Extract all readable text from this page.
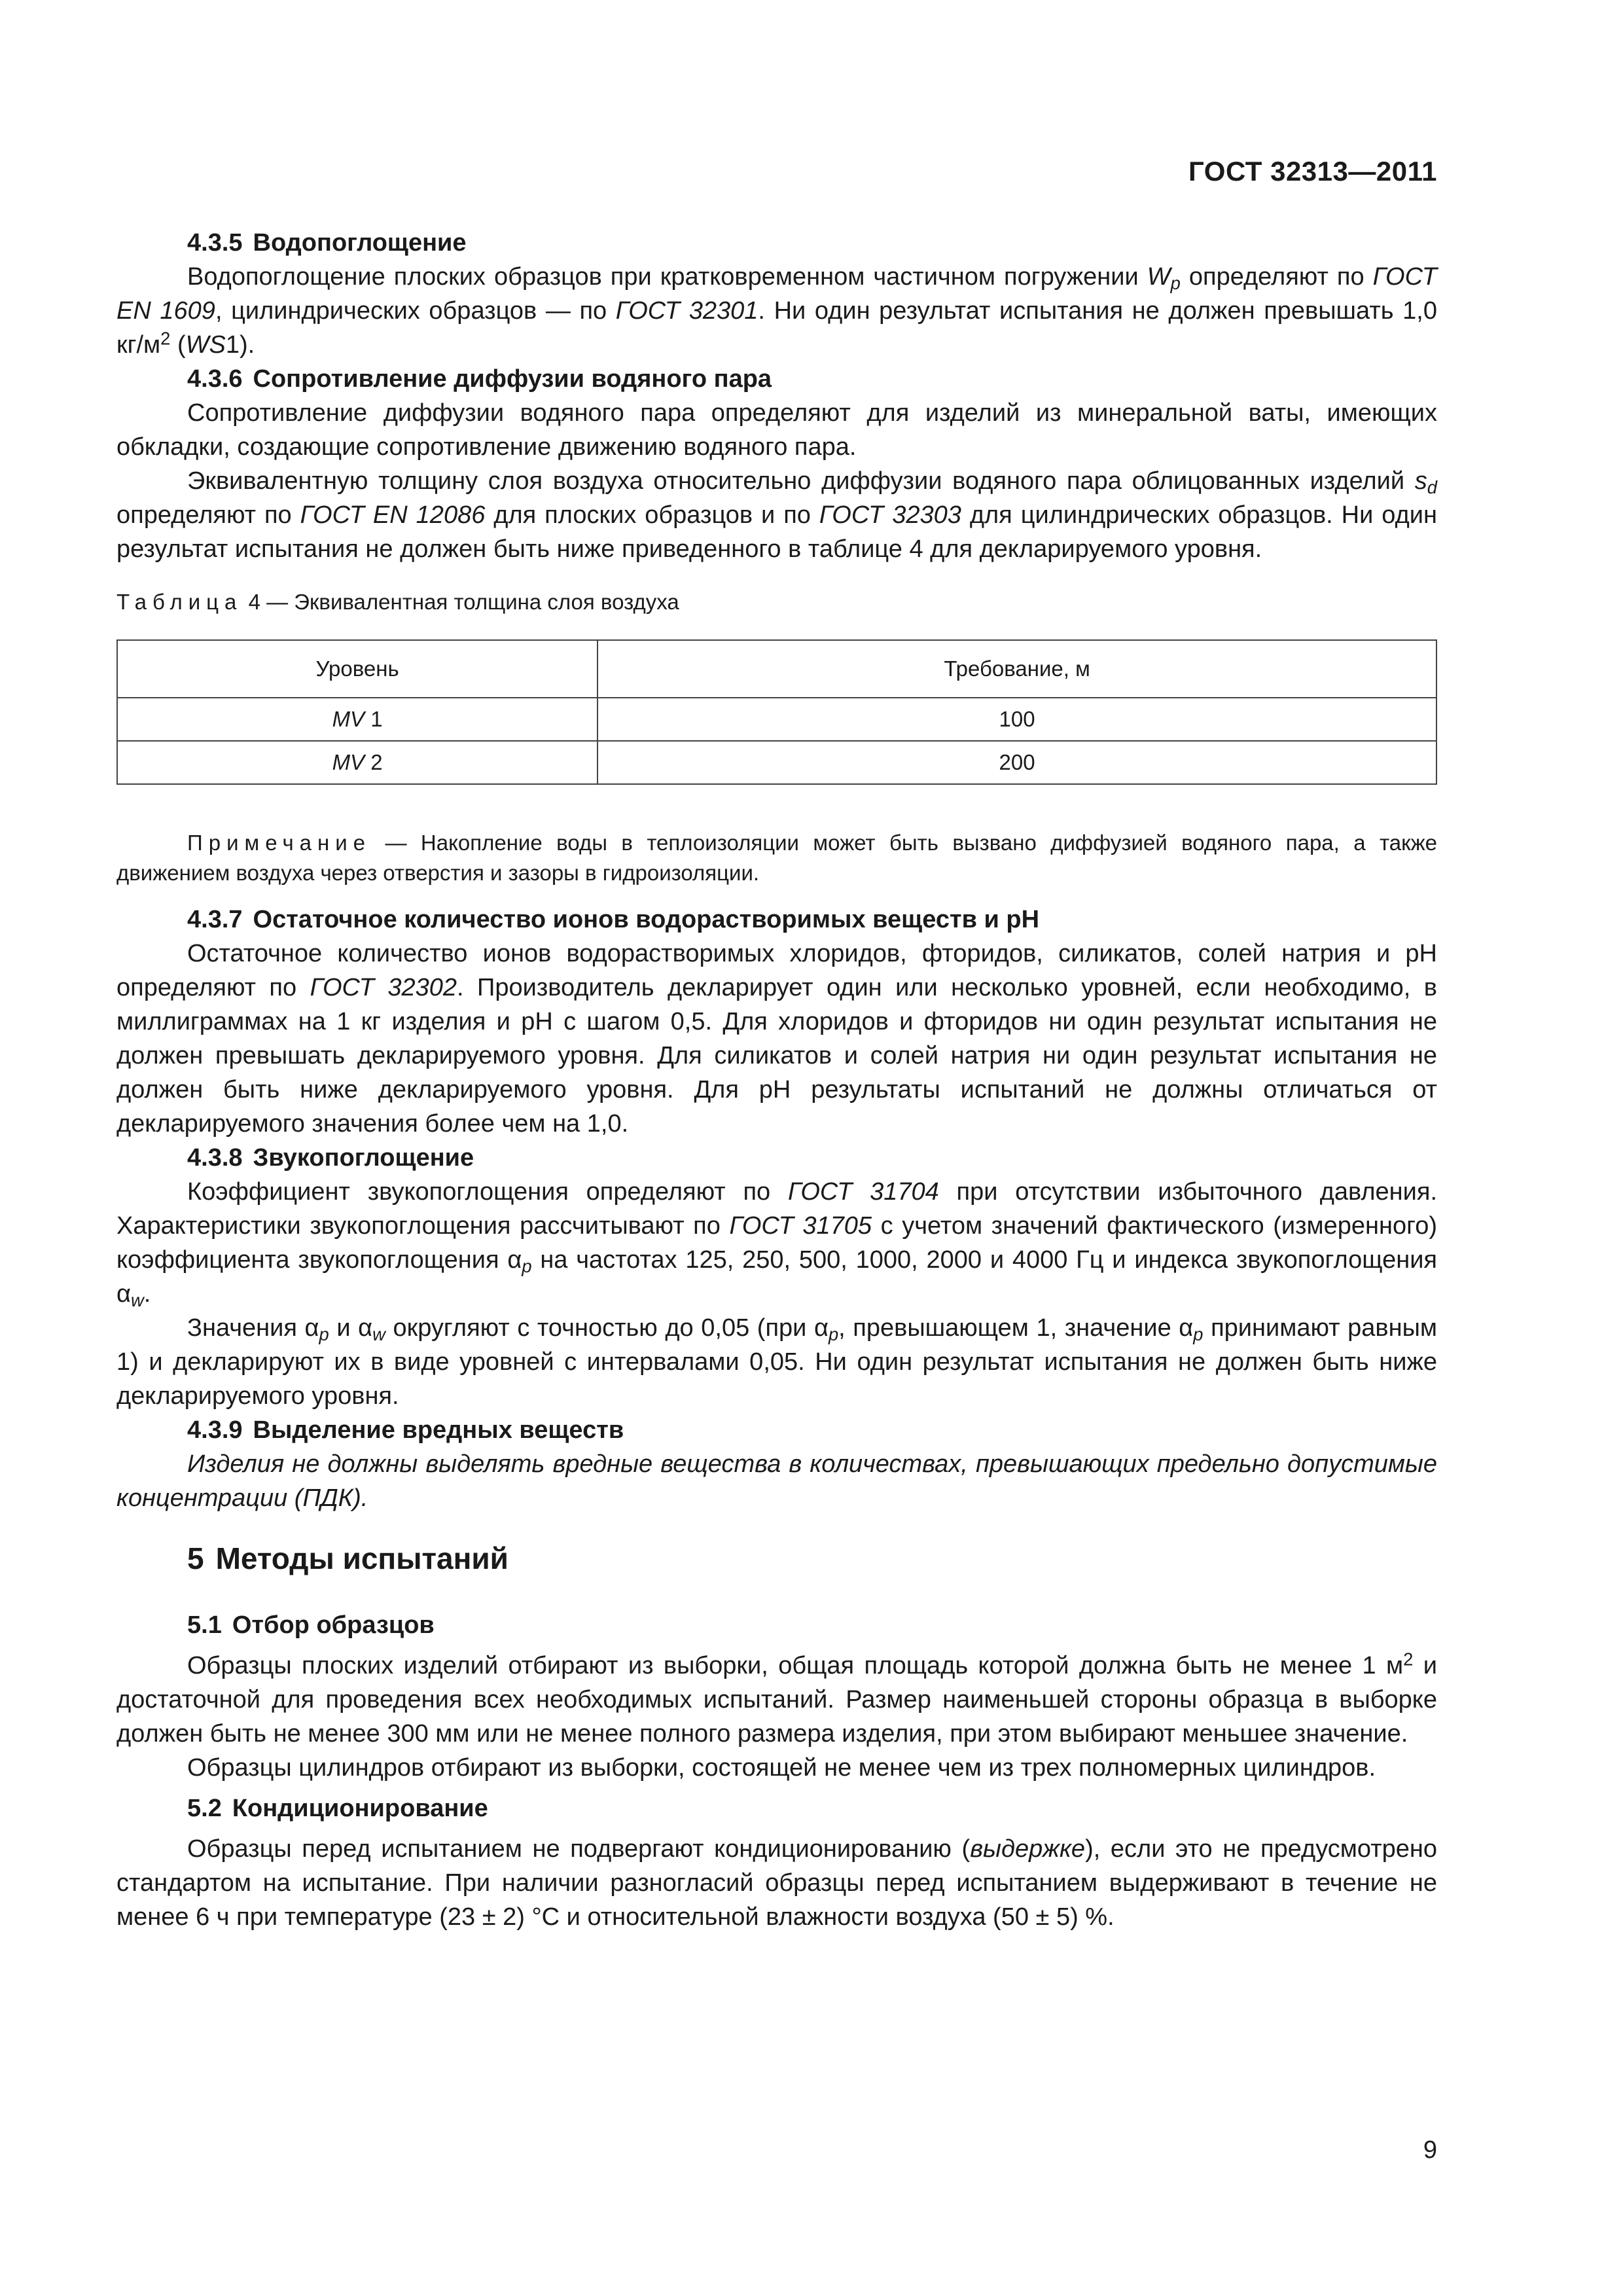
ГОСТ 32313—2011

4.3.5 Водопоглощение

Водопоглощение плоских образцов при кратковременном частичном погружении $W_p$ определяют по ГОСТ EN 1609, цилиндрических образцов — по ГОСТ 32301. Ни один результат испытания не должен превышать 1,0 $кг/м^2$ (WS1).

4.3.6 Сопротивление диффузии водяного пара

Сопротивление диффузии водяного пара определяют для изделий из минеральной ваты, имеющих обкладки, создающие сопротивление движению водяного пара.

Эквивалентную толщину слоя воздуха относительно диффузии водяного пара облицованных изделий $s_d$ определяют по ГОСТ EN 12086 для плоских образцов и по ГОСТ 32303 для цилиндрических образцов. Ни один результат испытания не должен быть ниже приведенного в таблице 4 для декларируемого уровня.

Таблица 4 — Эквивалентная толщина слоя воздуха
Уровень	Требование, м
MV 1	100
MV 2	200

Примечание — Накопление воды в теплоизоляции может быть вызвано диффузией водяного пара, а также движением воздуха через отверстия и зазоры в гидроизоляции.

4.3.7 Остаточное количество ионов водорастворимых веществ и pH

Остаточное количество ионов водорастворимых хлоридов, фторидов, силикатов, солей натрия и pH определяют по ГОСТ 32302. Производитель декларирует один или несколько уровней, если необходимо, в миллиграммах на 1 кг изделия и pH с шагом 0,5. Для хлоридов и фторидов ни один результат испытания не должен превышать декларируемого уровня. Для силикатов и солей натрия ни один результат испытания не должен быть ниже декларируемого уровня. Для pH результаты испытаний не должны отличаться от декларируемого значения более чем на 1,0.

4.3.8 Звукопоглощение

Коэффициент звукопоглощения определяют по ГОСТ 31704 при отсутствии избыточного давления. Характеристики звукопоглощения рассчитывают по ГОСТ 31705 с учетом значений фактического (измеренного) коэффициента звукопоглощения $\alpha_p$ на частотах 125, 250, 500, 1000, 2000 и 4000 Гц и индекса звукопоглощения $\alpha_w$.

Значения $\alpha_p$ и $\alpha_w$ округляют с точностью до 0,05 (при $\alpha_p$, превышающем 1, значение $\alpha_p$ принимают равным 1) и декларируют их в виде уровней с интервалами 0,05. Ни один результат испытания не должен быть ниже декларируемого уровня.

4.3.9 Выделение вредных веществ

Изделия не должны выделять вредные вещества в количествах, превышающих предельно допустимые концентрации (ПДК).

5 Методы испытаний

5.1 Отбор образцов

Образцы плоских изделий отбирают из выборки, общая площадь которой должна быть не менее 1 $м^2$ и достаточной для проведения всех необходимых испытаний. Размер наименьшей стороны образца в выборке должен быть не менее 300 мм или не менее полного размера изделия, при этом выбирают меньшее значение.

Образцы цилиндров отбирают из выборки, состоящей не менее чем из трех полномерных цилиндров.

5.2 Кондиционирование

Образцы перед испытанием не подвергают кондиционированию (выдержке), если это не предусмотрено стандартом на испытание. При наличии разногласий образцы перед испытанием выдерживают в течение не менее 6 ч при температуре (23 ± 2) °С и относительной влажности воздуха (50 ± 5) %.

9
